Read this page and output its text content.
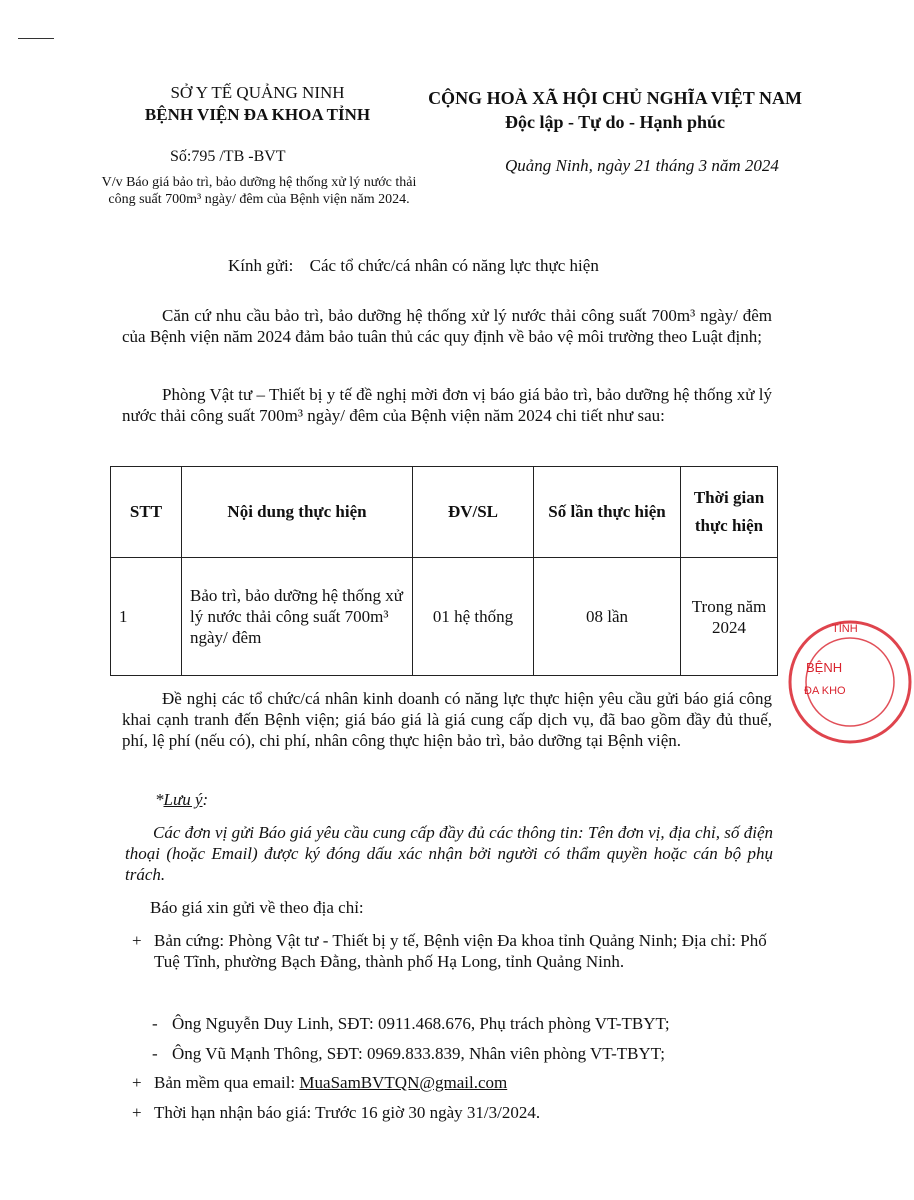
SỞ Y TẾ QUẢNG NINH
BỆNH VIỆN ĐA KHOA TỈNH
CỘNG HOÀ XÃ HỘI CHỦ NGHĨA VIỆT NAM
Độc lập - Tự do - Hạnh phúc
Số:795 /TB -BVT
V/v Báo giá bảo trì, bảo dưỡng hệ thống xử lý nước thải công suất 700m³ ngày/ đêm của Bệnh viện năm 2024.
Quảng Ninh, ngày 21 tháng 3 năm 2024
Kính gửi: Các tổ chức/cá nhân có năng lực thực hiện
Căn cứ nhu cầu bảo trì, bảo dưỡng hệ thống xử lý nước thải công suất 700m³ ngày/ đêm của Bệnh viện năm 2024 đảm bảo tuân thủ các quy định về bảo vệ môi trường theo Luật định;
Phòng Vật tư – Thiết bị y tế đề nghị mời đơn vị báo giá bảo trì, bảo dưỡng hệ thống xử lý nước thải công suất 700m³ ngày/ đêm của Bệnh viện năm 2024 chi tiết như sau:
STT	Nội dung thực hiện	ĐV/SL	Số lần thực hiện	Thời gian thực hiện
1	Bảo trì, bảo dưỡng hệ thống xử lý nước thải công suất 700m³ ngày/ đêm	01 hệ thống	08 lần	Trong năm 2024
Đề nghị các tổ chức/cá nhân kinh doanh có năng lực thực hiện yêu cầu gửi báo giá công khai cạnh tranh đến Bệnh viện; giá báo giá là giá cung cấp dịch vụ, đã bao gồm đầy đủ thuế, phí, lệ phí (nếu có), chi phí, nhân công thực hiện bảo trì, bảo dưỡng tại Bệnh viện.
*Lưu ý:
Các đơn vị gửi Báo giá yêu cầu cung cấp đầy đủ các thông tin: Tên đơn vị, địa chỉ, số điện thoại (hoặc Email) được ký đóng dấu xác nhận bởi người có thẩm quyền hoặc cán bộ phụ trách.
Báo giá xin gửi về theo địa chỉ:
+ Bản cứng: Phòng Vật tư - Thiết bị y tế, Bệnh viện Đa khoa tỉnh Quảng Ninh; Địa chỉ: Phố Tuệ Tĩnh, phường Bạch Đằng, thành phố Hạ Long, tỉnh Quảng Ninh.
- Ông Nguyễn Duy Linh, SĐT: 0911.468.676, Phụ trách phòng VT-TBYT;
- Ông Vũ Mạnh Thông, SĐT: 0969.833.839, Nhân viên phòng VT-TBYT;
+ Bản mềm qua email: MuaSamBVTQN@gmail.com
+ Thời hạn nhận báo giá: Trước 16 giờ 30 ngày 31/3/2024.
TỈNH
BỆNH
ĐA KHO
